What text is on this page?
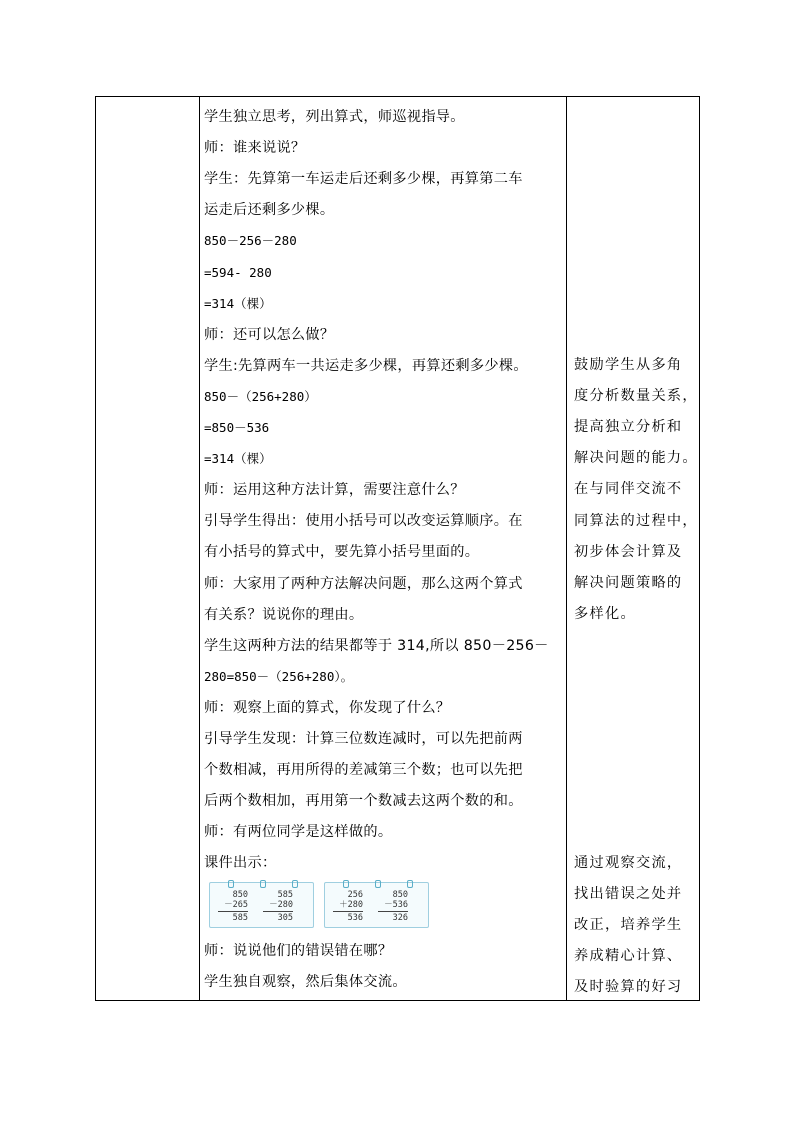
学生独立思考，列出算式，师巡视指导。
师：谁来说说？
学生：先算第一车运走后还剩多少棵，再算第二车
运走后还剩多少棵。
850－256－280
=594- 280
=314（棵）
师：还可以怎么做？
学生:先算两车一共运走多少棵，再算还剩多少棵。
850－（256+280）
=850－536
=314（棵）
师：运用这种方法计算，需要注意什么？
引导学生得出：使用小括号可以改变运算顺序。在
有小括号的算式中，要先算小括号里面的。
师：大家用了两种方法解决问题，那么这两个算式
有关系？说说你的理由。
学生这两种方法的结果都等于 314,所以 850－256－
280=850－（256+280）。
师：观察上面的算式，你发现了什么？
引导学生发现：计算三位数连减时，可以先把前两
个数相减，再用所得的差减第三个数；也可以先把
后两个数相加，再用第一个数减去这两个数的和。
师：有两位同学是这样做的。
课件出示：
850
－265
585
585
－280
305
256
＋280
536
850
－536
326
师：说说他们的错误错在哪？
学生独自观察，然后集体交流。
鼓励学生从多角
度分析数量关系，
提高独立分析和
解决问题的能力。
在与同伴交流不
同算法的过程中，
初步体会计算及
解决问题策略的
多样化。
通过观察交流，
找出错误之处并
改正，培养学生
养成精心计算、
及时验算的好习
